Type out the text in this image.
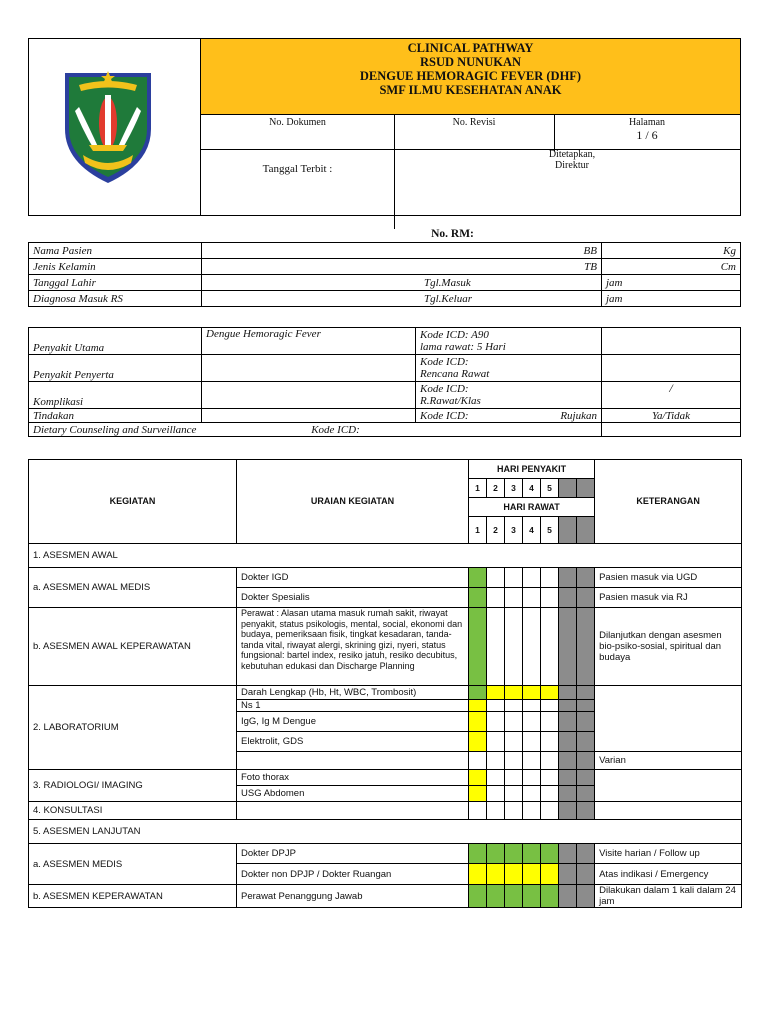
CLINICAL PATHWAY
RSUD NUNUKAN
DENGUE HEMORAGIC FEVER (DHF)
SMF ILMU KESEHATAN ANAK
No. Dokumen	No. Revisi	Halaman
1 / 6
Tanggal Terbit :
Ditetapkan,
Direktur
No. RM:
Nama Pasien	BB	Kg
Jenis Kelamin	TB	Cm
Tanggal Lahir	Tgl.Masuk	jam
Diagnosa Masuk RS	Tgl.Keluar	jam
Penyakit Utama	Dengue Hemoragic Fever	Kode ICD: A90
lama rawat: 5 Hari	

Penyakit Penyerta		Kode ICD:
Rencana Rawat	

Komplikasi		Kode ICD:
R.Rawat/Klas	/
Tindakan		Kode ICD: Rujukan	Ya/Tidak
Dietary Counseling and Surveillance Kode ICD:			
KEGIATAN	URAIAN KEGIATAN	HARI PENYAKIT							KETERANGAN
		1	2	3	4	5			
		HARI RAWAT							
		1	2	3	4	5			
1. ASESMEN AWAL									
a. ASESMEN AWAL MEDIS	Dokter IGD								Pasien masuk via UGD
	Dokter Spesialis								Pasien masuk via RJ
b. ASESMEN AWAL KEPERAWATAN	Perawat : Alasan utama masuk rumah sakit, riwayat penyakit, status psikologis, mental, social, ekonomi dan budaya, pemeriksaan fisik, tingkat kesadaran, tanda-tanda vital, riwayat alergi, skrining gizi, nyeri, status fungsional: bartel index, resiko jatuh, resiko decubitus, kebutuhan edukasi dan Discharge Planning								Dilanjutkan dengan asesmen bio-psiko-sosial, spiritual dan budaya
2. LABORATORIUM	Darah Lengkap (Hb, Ht, WBC, Trombosit)								
	Ns 1								
	IgG, Ig M Dengue								
	Elektrolit, GDS								
									Varian
3. RADIOLOGI/ IMAGING	Foto thorax								
	USG Abdomen								
4. KONSULTASI									
5. ASESMEN LANJUTAN									
a. ASESMEN MEDIS	Dokter DPJP								Visite harian / Follow up
	Dokter non DPJP / Dokter Ruangan								Atas indikasi / Emergency
b. ASESMEN KEPERAWATAN	Perawat Penanggung Jawab								Dilakukan dalam 1 kali dalam 24 jam
